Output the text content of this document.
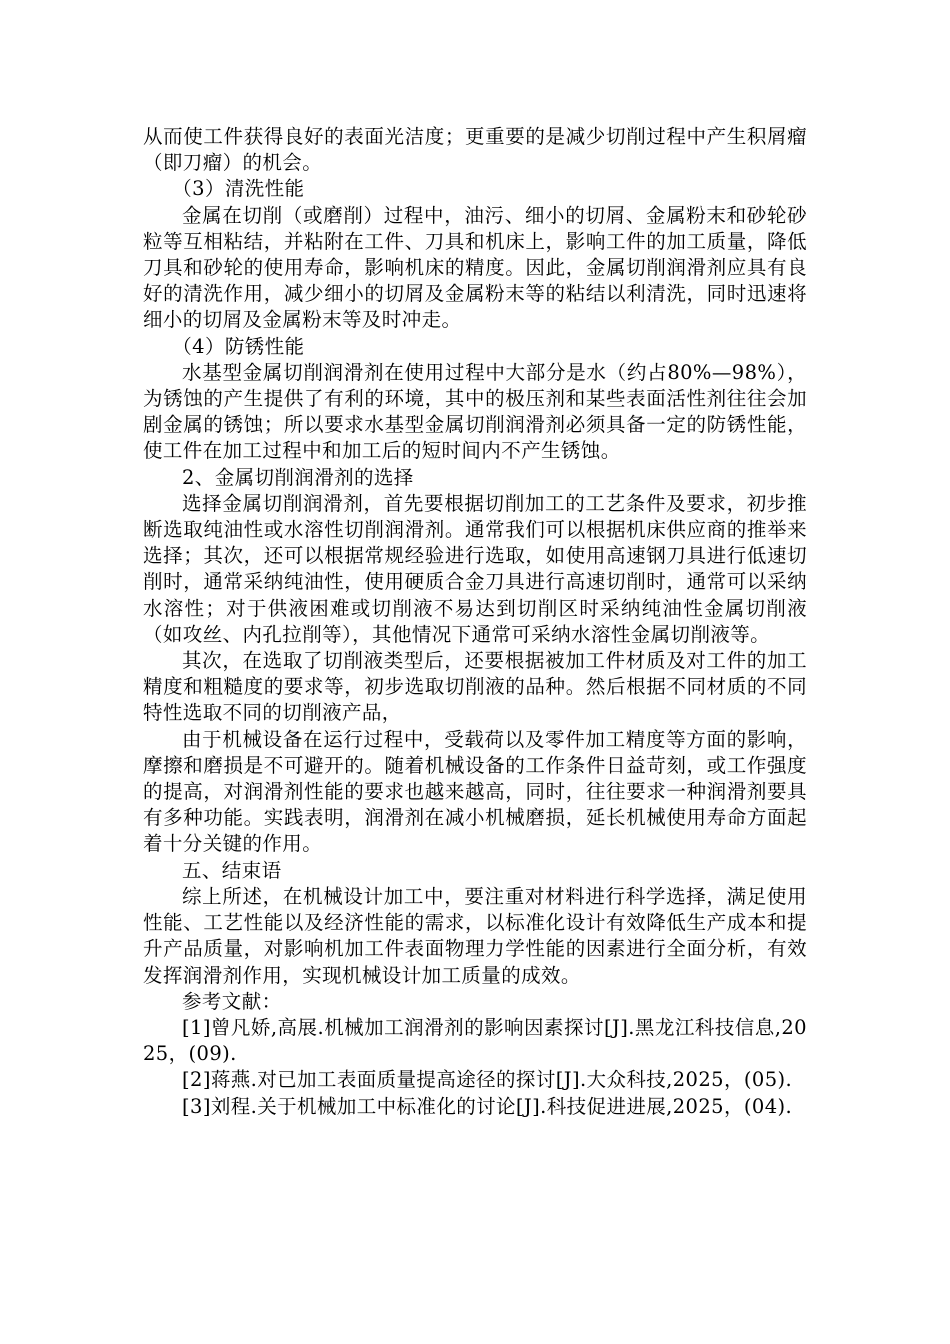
从而使工件获得良好的表面光洁度；更重要的是减少切削过程中产生积屑瘤（即刀瘤）的机会。

（3）清洗性能

金属在切削（或磨削）过程中，油污、细小的切屑、金属粉末和砂轮砂粒等互相粘结，并粘附在工件、刀具和机床上，影响工件的加工质量，降低刀具和砂轮的使用寿命，影响机床的精度。因此，金属切削润滑剂应具有良好的清洗作用，减少细小的切屑及金属粉末等的粘结以利清洗，同时迅速将细小的切屑及金属粉末等及时冲走。

（4）防锈性能

水基型金属切削润滑剂在使用过程中大部分是水（约占80%—98%），为锈蚀的产生提供了有利的环境，其中的极压剂和某些表面活性剂往往会加剧金属的锈蚀；所以要求水基型金属切削润滑剂必须具备一定的防锈性能，使工件在加工过程中和加工后的短时间内不产生锈蚀。

2、金属切削润滑剂的选择

选择金属切削润滑剂，首先要根据切削加工的工艺条件及要求，初步推断选取纯油性或水溶性切削润滑剂。通常我们可以根据机床供应商的推举来选择；其次，还可以根据常规经验进行选取，如使用高速钢刀具进行低速切削时，通常采纳纯油性，使用硬质合金刀具进行高速切削时，通常可以采纳水溶性；对于供液困难或切削液不易达到切削区时采纳纯油性金属切削液（如攻丝、内孔拉削等），其他情况下通常可采纳水溶性金属切削液等。

其次，在选取了切削液类型后，还要根据被加工件材质及对工件的加工精度和粗糙度的要求等，初步选取切削液的品种。然后根据不同材质的不同特性选取不同的切削液产品，

由于机械设备在运行过程中，受载荷以及零件加工精度等方面的影响，摩擦和磨损是不可避开的。随着机械设备的工作条件日益苛刻，或工作强度的提高，对润滑剂性能的要求也越来越高，同时，往往要求一种润滑剂要具有多种功能。实践表明，润滑剂在减小机械磨损，延长机械使用寿命方面起着十分关键的作用。

五、结束语

综上所述，在机械设计加工中，要注重对材料进行科学选择，满足使用性能、工艺性能以及经济性能的需求，以标准化设计有效降低生产成本和提升产品质量，对影响机加工件表面物理力学性能的因素进行全面分析，有效发挥润滑剂作用，实现机械设计加工质量的成效。

参考文献：

[1]曾凡娇,高展.机械加工润滑剂的影响因素探讨[J].黑龙江科技信息,2025，(09).

[2]蒋燕.对已加工表面质量提高途径的探讨[J].大众科技,2025，(05).

[3]刘程.关于机械加工中标准化的讨论[J].科技促进进展,2025，(04).
